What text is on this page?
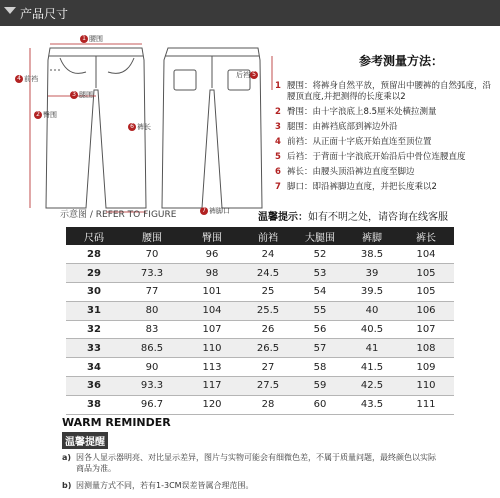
产品尺寸
1 腰围
4 前裆
3 腿围
2 臀围
6 裤长
7 裤脚口
后裆 5
示意图 / REFER TO FIGURE
参考测量方法：
1 腰围：将裤身自然平放，预留出中腰裤的自然弧度，沿腰顶直度,并把测得的长度乘以2
2 臀围：由十字浪底上8.5厘米处横拉测量
3 腿围：由裤裆底部到裤边外沿
4 前裆：从正面十字底开始直连至顶位置
5 后裆：于背面十字浪底开始沿后中骨位连腰直度
6 裤长：由腰头顶沿裤边直度至脚边
7 脚口：即沿裤脚边直度，并把长度乘以2
温馨提示：如有不明之处，请咨询在线客服
尺码	腰围	臀围	前裆	大腿围	裤脚	裤长
28	70	96	24	52	38.5	104
29	73.3	98	24.5	53	39	105
30	77	101	25	54	39.5	105
31	80	104	25.5	55	40	106
32	83	107	26	56	40.5	107
33	86.5	110	26.5	57	41	108
34	90	113	27	58	41.5	109
36	93.3	117	27.5	59	42.5	110
38	96.7	120	28	60	43.5	111
WARM REMINDER
温馨提醒
a) 因各人显示器明亮、对比显示差异，图片与实物可能会有细微色差，不属于质量问题，最终颜色以实际商品为准。
b) 因测量方式不同，若有1-3CM误差皆属合理范围。
